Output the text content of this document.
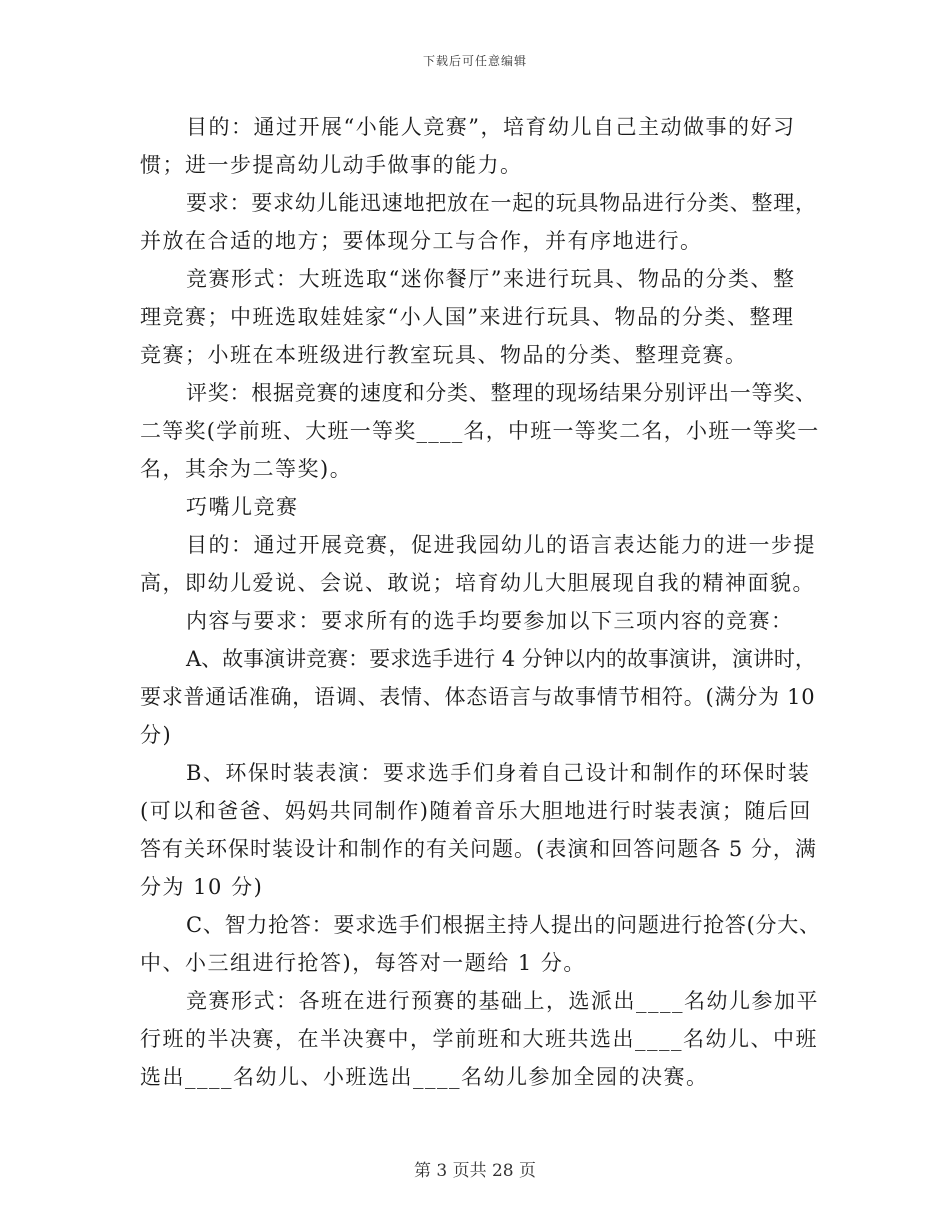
下载后可任意编辑
目的：通过开展“小能人竞赛”，培育幼儿自己主动做事的好习
惯；进一步提高幼儿动手做事的能力。
要求：要求幼儿能迅速地把放在一起的玩具物品进行分类、整理，
并放在合适的地方；要体现分工与合作，并有序地进行。
竞赛形式：大班选取“迷你餐厅”来进行玩具、物品的分类、整
理竞赛；中班选取娃娃家“小人国”来进行玩具、物品的分类、整理
竞赛；小班在本班级进行教室玩具、物品的分类、整理竞赛。
评奖：根据竞赛的速度和分类、整理的现场结果分别评出一等奖、
二等奖(学前班、大班一等奖____名，中班一等奖二名，小班一等奖一
名，其余为二等奖)。
巧嘴儿竞赛
目的：通过开展竞赛，促进我园幼儿的语言表达能力的进一步提
高，即幼儿爱说、会说、敢说；培育幼儿大胆展现自我的精神面貌。
内容与要求：要求所有的选手均要参加以下三项内容的竞赛：
A、故事演讲竞赛：要求选手进行 4 分钟以内的故事演讲，演讲时，
要求普通话准确，语调、表情、体态语言与故事情节相符。(满分为 10
分)
B、环保时装表演：要求选手们身着自己设计和制作的环保时装
(可以和爸爸、妈妈共同制作)随着音乐大胆地进行时装表演；随后回
答有关环保时装设计和制作的有关问题。(表演和回答问题各 5 分，满
分为 10 分)
C、智力抢答：要求选手们根据主持人提出的问题进行抢答(分大、
中、小三组进行抢答)，每答对一题给 1 分。
竞赛形式：各班在进行预赛的基础上，选派出____名幼儿参加平
行班的半决赛，在半决赛中，学前班和大班共选出____名幼儿、中班
选出____名幼儿、小班选出____名幼儿参加全园的决赛。
第 3 页共 28 页
